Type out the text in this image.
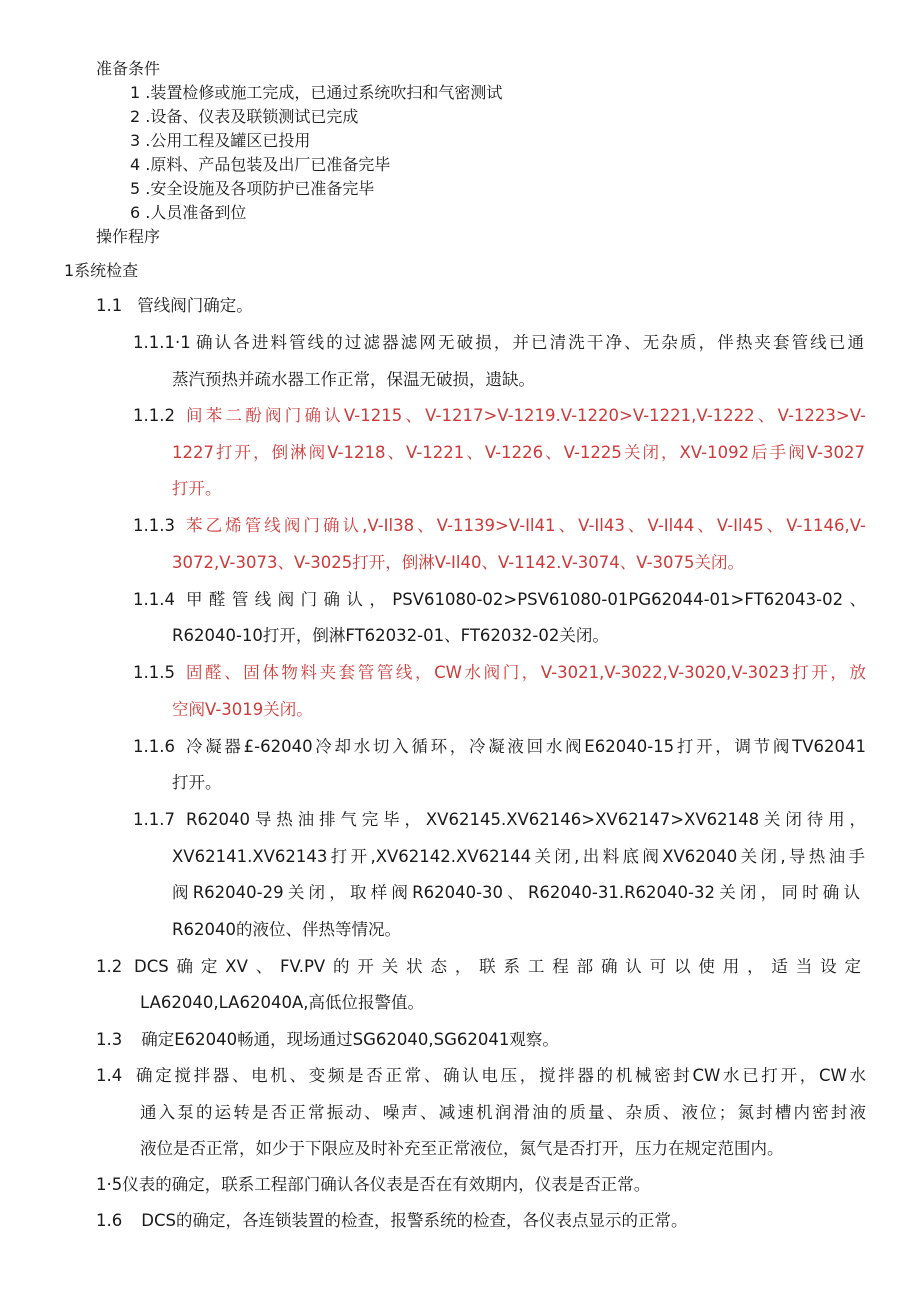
准备条件
1 .装置检修或施工完成，已通过系统吹扫和气密测试
2 .设备、仪表及联锁测试已完成
3 .公用工程及罐区已投用
4 .原料、产品包装及出厂已准备完毕
5 .安全设施及各项防护已准备完毕
6 .人员准备到位
操作程序
1系统检查
1.1 管线阀门确定。
1.1.1·1 确认各进料管线的过滤器滤网无破损，并已清洗干净、无杂质，伴热夹套管线已通
蒸汽预热并疏水器工作正常，保温无破损，遗缺。
1.1.2 间苯二酚阀门确认V-1215、V-1217>V-1219.V-1220>V-1221,V-1222、V-1223>V-
1227打开，倒淋阀V-1218、V-1221、V-1226、V-1225关闭，XV-1092后手阀V-3027
打开。
1.1.3 苯乙烯管线阀门确认,V-Il38、V-1139>V-Il41、V-Il43、V-Il44、V-Il45、V-1146,V-
3072,V-3073、V-3025打开，倒淋V-Il40、V-1142.V-3074、V-3075关闭。
1.1.4 甲醛管线阀门确认，PSV61080-02>PSV61080-01PG62044-01>FT62043-02、
R62040-10打开，倒淋FT62032-01、FT62032-02关闭。
1.1.5 固醛、固体物料夹套管管线，CW水阀门，V-3021,V-3022,V-3020,V-3023打开，放
空阀V-3019关闭。
1.1.6 冷凝器£-62040冷却水切入循环，冷凝液回水阀E62040-15打开，调节阀TV62041
打开。
1.1.7 R62040导热油排气完毕，XV62145.XV62146>XV62147>XV62148关闭待用，
XV62141.XV62143打开,XV62142.XV62144关闭,出料底阀XV62040关闭,导热油手
阀R62040-29关闭，取样阀R62040-30、R62040-31.R62040-32关闭，同时确认
R62040的液位、伴热等情况。
1.2 DCS确定XV、FV.PV的开关状态，联系工程部确认可以使用，适当设定
LA62040,LA62040A,高低位报警值。
1.3 确定E62040畅通，现场通过SG62040,SG62041观察。
1.4 确定搅拌器、电机、变频是否正常、确认电压，搅拌器的机械密封CW水已打开，CW水
通入泵的运转是否正常振动、噪声、减速机润滑油的质量、杂质、液位；氮封槽内密封液
液位是否正常，如少于下限应及时补充至正常液位，氮气是否打开，压力在规定范围内。
1·5仪表的确定，联系工程部门确认各仪表是否在有效期内，仪表是否正常。
1.6 DCS的确定，各连锁装置的检查，报警系统的检查，各仪表点显示的正常。
